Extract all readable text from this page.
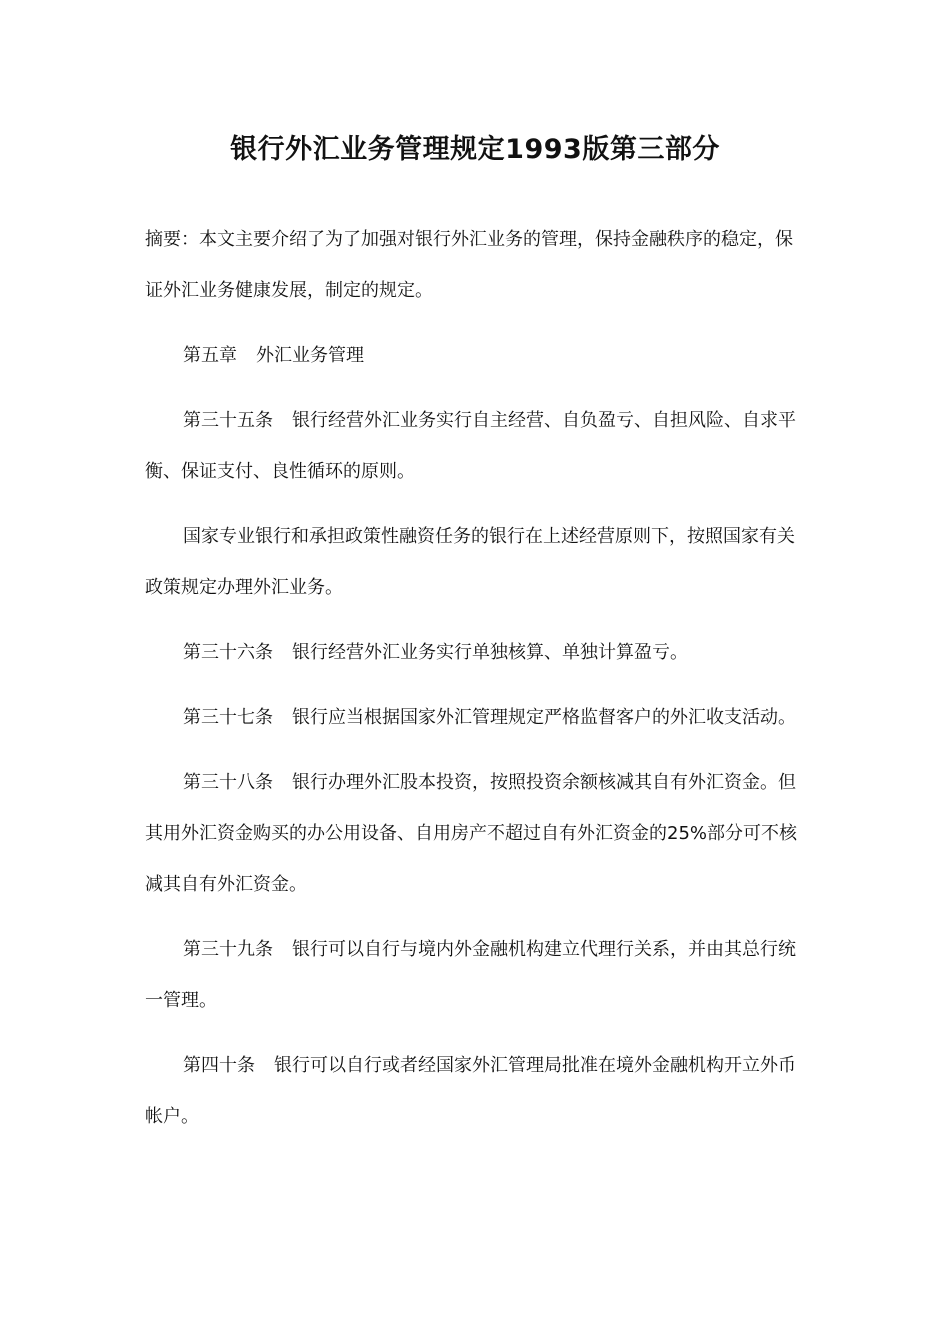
银行外汇业务管理规定1993版第三部分

摘要：本文主要介绍了为了加强对银行外汇业务的管理，保持金融秩序的稳定，保证外汇业务健康发展，制定的规定。

第五章 外汇业务管理

第三十五条 银行经营外汇业务实行自主经营、自负盈亏、自担风险、自求平衡、保证支付、良性循环的原则。

国家专业银行和承担政策性融资任务的银行在上述经营原则下，按照国家有关政策规定办理外汇业务。

第三十六条 银行经营外汇业务实行单独核算、单独计算盈亏。

第三十七条 银行应当根据国家外汇管理规定严格监督客户的外汇收支活动。

第三十八条 银行办理外汇股本投资，按照投资余额核减其自有外汇资金。但其用外汇资金购买的办公用设备、自用房产不超过自有外汇资金的25%部分可不核减其自有外汇资金。

第三十九条 银行可以自行与境内外金融机构建立代理行关系，并由其总行统一管理。

第四十条 银行可以自行或者经国家外汇管理局批准在境外金融机构开立外币帐户。
